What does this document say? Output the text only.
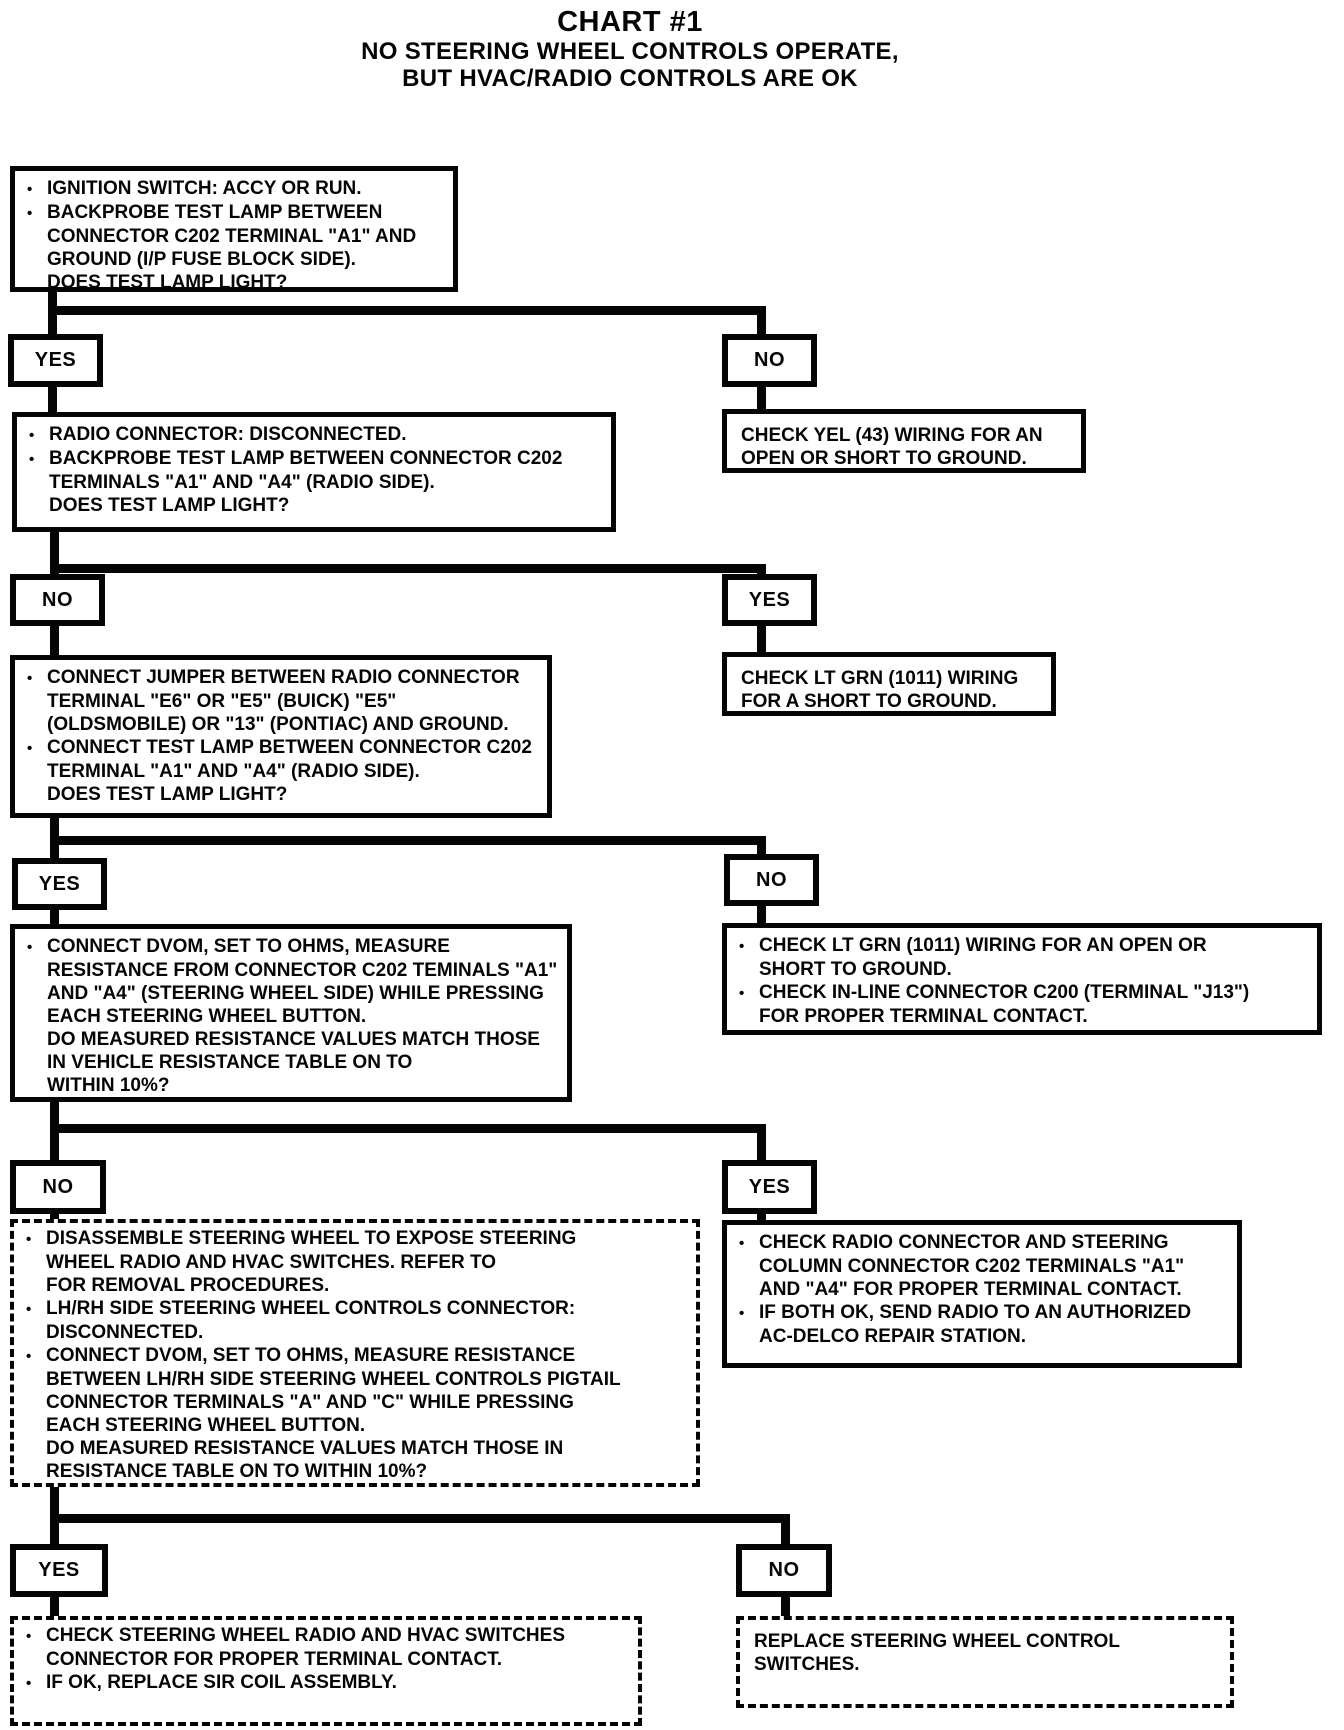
CHART #1
NO STEERING WHEEL CONTROLS OPERATE,
BUT HVAC/RADIO CONTROLS ARE OK
• IGNITION SWITCH: ACCY OR RUN.
• BACKPROBE TEST LAMP BETWEEN
CONNECTOR C202 TERMINAL "A1" AND
GROUND (I/P FUSE BLOCK SIDE).
DOES TEST LAMP LIGHT?
YES	NO
• RADIO CONNECTOR: DISCONNECTED.
• BACKPROBE TEST LAMP BETWEEN CONNECTOR C202
TERMINALS "A1" AND "A4" (RADIO SIDE).
DOES TEST LAMP LIGHT?
CHECK YEL (43) WIRING FOR AN
OPEN OR SHORT TO GROUND.
NO	YES
• CONNECT JUMPER BETWEEN RADIO CONNECTOR
TERMINAL "E6" OR "E5" (BUICK) "E5"
(OLDSMOBILE) OR "13" (PONTIAC) AND GROUND.
• CONNECT TEST LAMP BETWEEN CONNECTOR C202
TERMINAL "A1" AND "A4" (RADIO SIDE).
DOES TEST LAMP LIGHT?
CHECK LT GRN (1011) WIRING
FOR A SHORT TO GROUND.
YES	NO
• CONNECT DVOM, SET TO OHMS, MEASURE
RESISTANCE FROM CONNECTOR C202 TEMINALS "A1"
AND "A4" (STEERING WHEEL SIDE) WHILE PRESSING
EACH STEERING WHEEL BUTTON.
DO MEASURED RESISTANCE VALUES MATCH THOSE
IN VEHICLE RESISTANCE TABLE ON TO
WITHIN 10%?
• CHECK LT GRN (1011) WIRING FOR AN OPEN OR
SHORT TO GROUND.
• CHECK IN-LINE CONNECTOR C200 (TERMINAL "J13")
FOR PROPER TERMINAL CONTACT.
NO	YES
• DISASSEMBLE STEERING WHEEL TO EXPOSE STEERING
WHEEL RADIO AND HVAC SWITCHES. REFER TO
FOR REMOVAL PROCEDURES.
• LH/RH SIDE STEERING WHEEL CONTROLS CONNECTOR:
DISCONNECTED.
• CONNECT DVOM, SET TO OHMS, MEASURE RESISTANCE
BETWEEN LH/RH SIDE STEERING WHEEL CONTROLS PIGTAIL
CONNECTOR TERMINALS "A" AND "C" WHILE PRESSING
EACH STEERING WHEEL BUTTON.
DO MEASURED RESISTANCE VALUES MATCH THOSE IN
RESISTANCE TABLE ON TO WITHIN 10%?
• CHECK RADIO CONNECTOR AND STEERING
COLUMN CONNECTOR C202 TERMINALS "A1"
AND "A4" FOR PROPER TERMINAL CONTACT.
• IF BOTH OK, SEND RADIO TO AN AUTHORIZED
AC-DELCO REPAIR STATION.
YES	NO
• CHECK STEERING WHEEL RADIO AND HVAC SWITCHES
CONNECTOR FOR PROPER TERMINAL CONTACT.
• IF OK, REPLACE SIR COIL ASSEMBLY.
REPLACE STEERING WHEEL CONTROL
SWITCHES.
